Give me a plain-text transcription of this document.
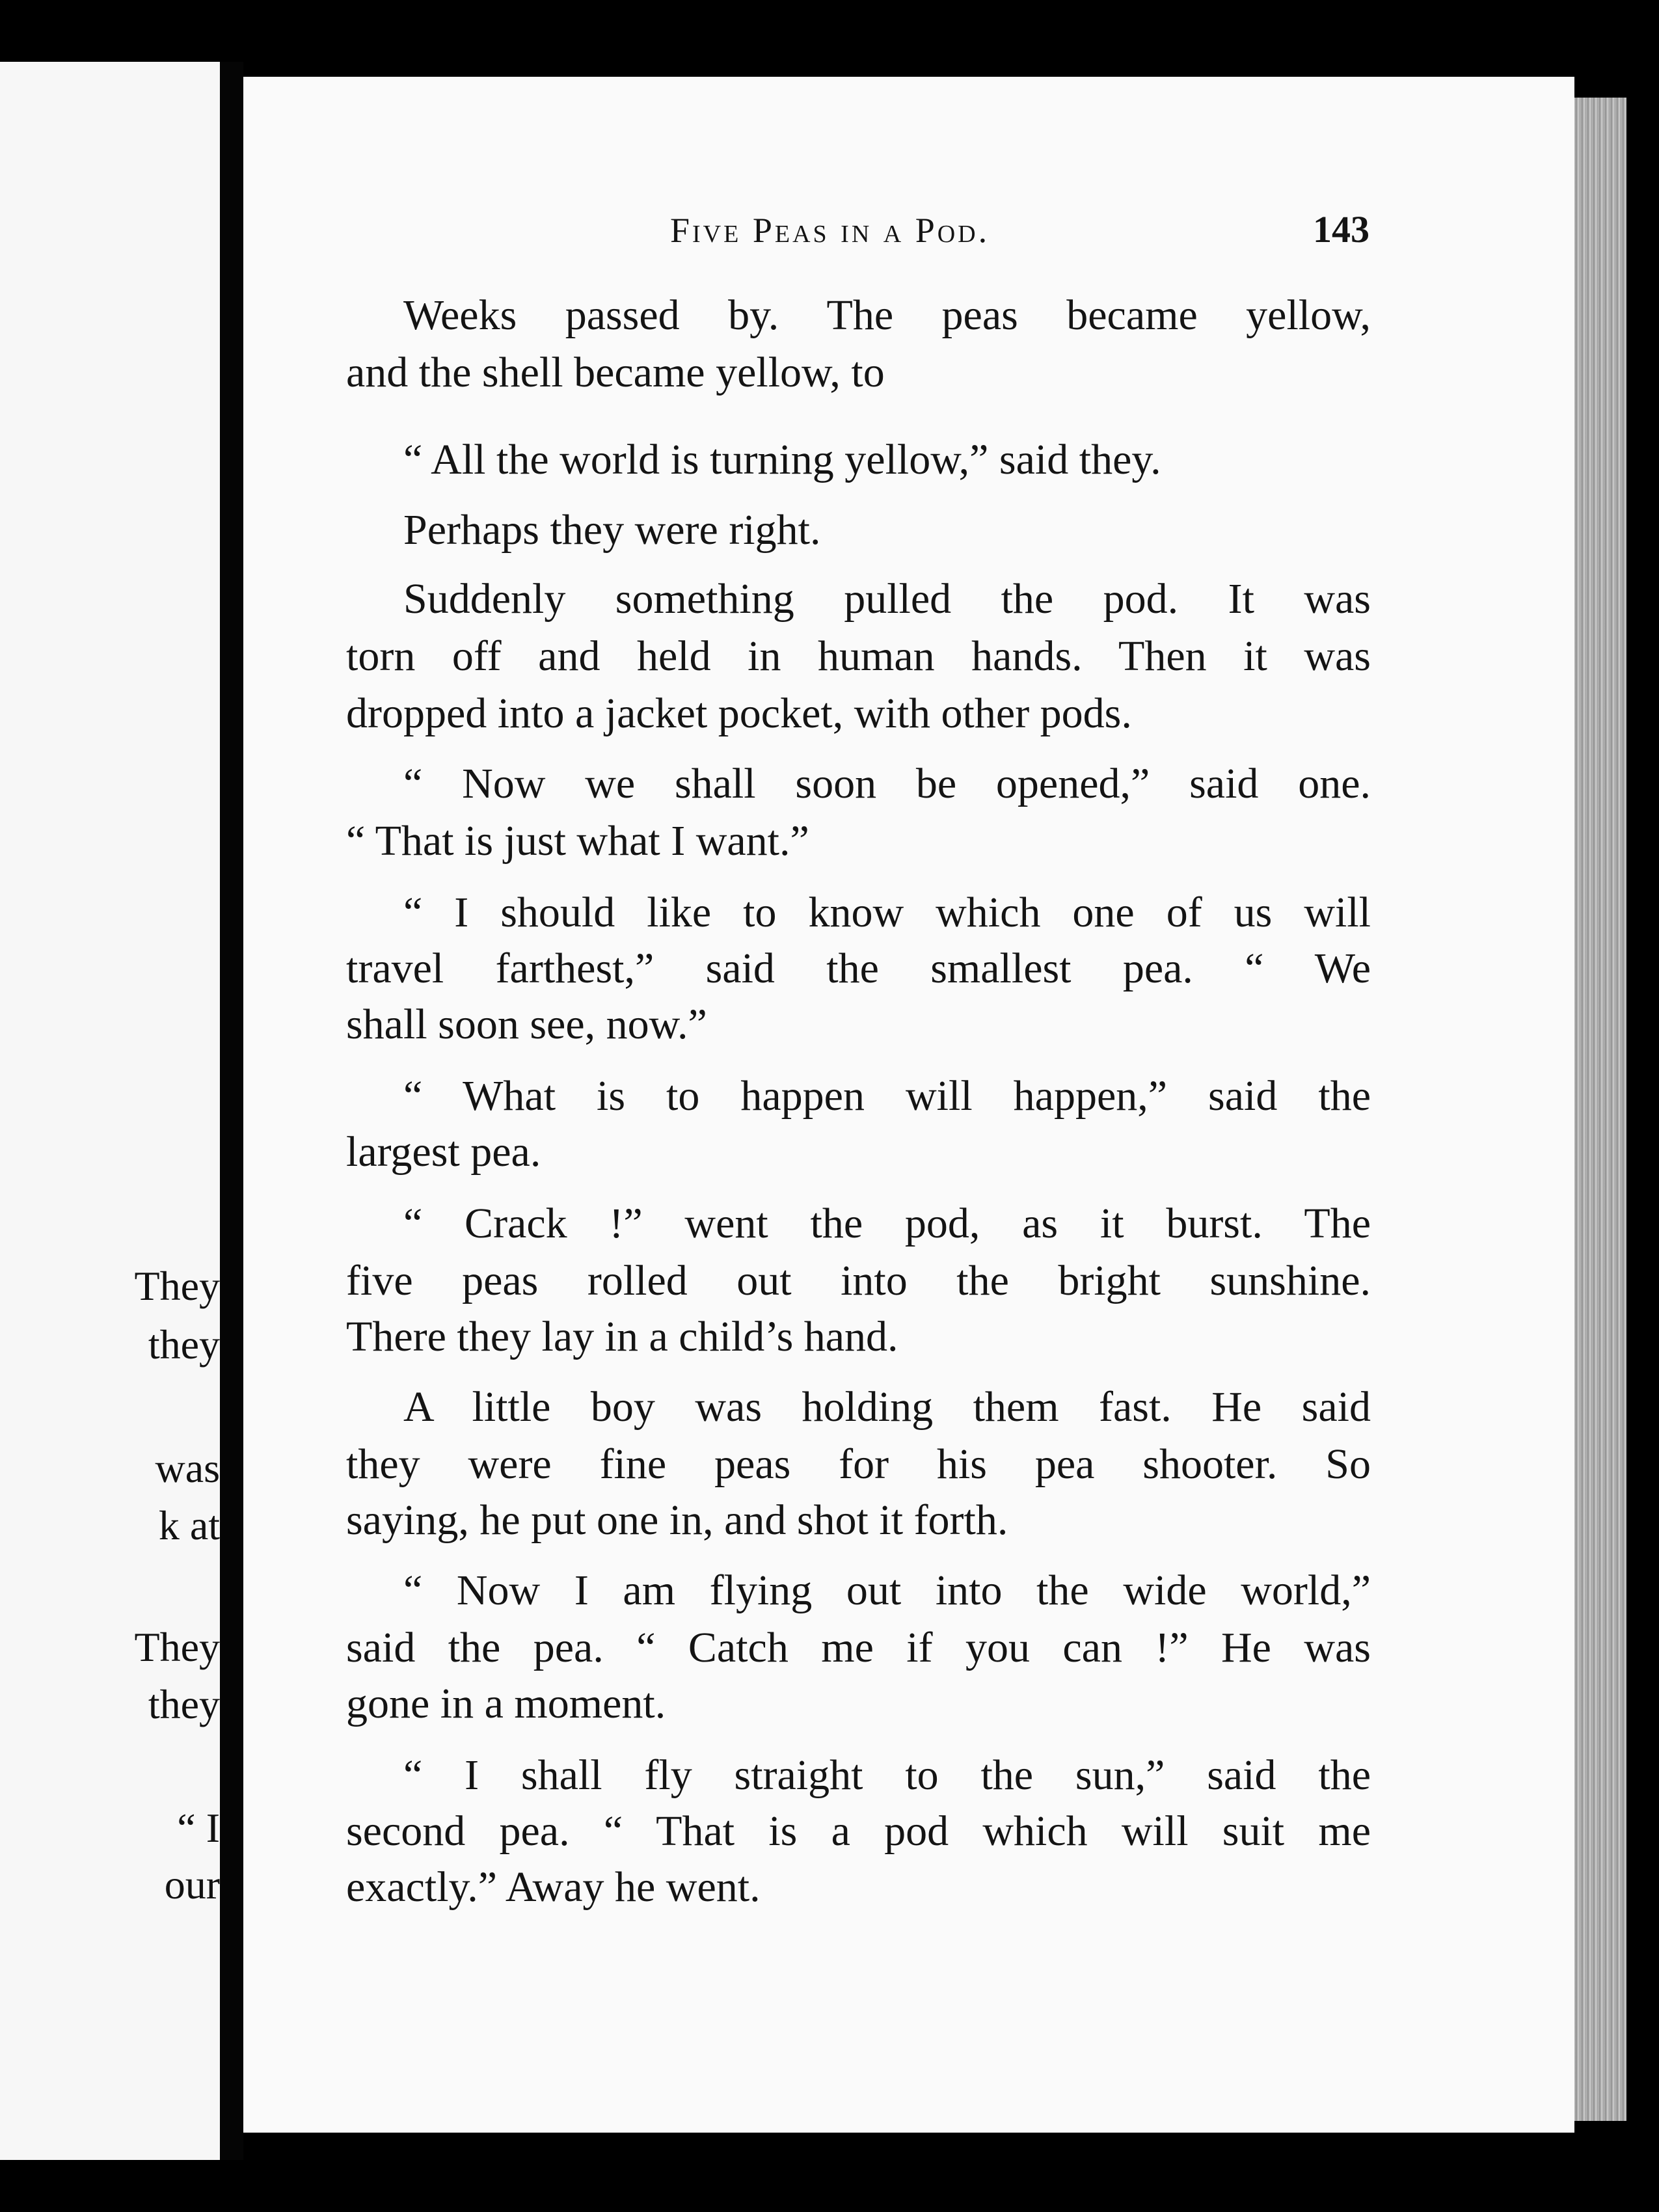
They
they
was
k at
They
they
“ I
our
Five Peas in a Pod.	143
Weeks passed by. The peas became yellow,
and the shell became yellow, to
“ All the world is turning yellow,” said they.
Perhaps they were right.
Suddenly something pulled the pod. It was
torn off and held in human hands. Then it was
dropped into a jacket pocket, with other pods.
“ Now we shall soon be opened,” said one.
“ That is just what I want.”
“ I should like to know which one of us will
travel farthest,” said the smallest pea. “ We
shall soon see, now.”
“ What is to happen will happen,” said the
largest pea.
“ Crack !” went the pod, as it burst. The
five peas rolled out into the bright sunshine.
There they lay in a child’s hand.
A little boy was holding them fast. He said
they were fine peas for his pea shooter. So
saying, he put one in, and shot it forth.
“ Now I am flying out into the wide world,”
said the pea. “ Catch me if you can !” He was
gone in a moment.
“ I shall fly straight to the sun,” said the
second pea. “ That is a pod which will suit me
exactly.” Away he went.
